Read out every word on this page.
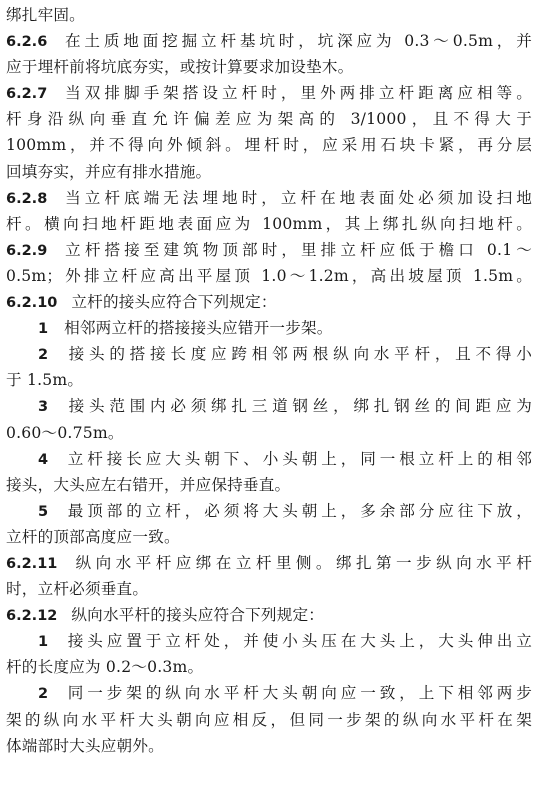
绑扎牢固。
6.2.6 在土质地面挖掘立杆基坑时，坑深应为 0.3～0.5m，并
应于埋杆前将坑底夯实，或按计算要求加设垫木。
6.2.7 当双排脚手架搭设立杆时，里外两排立杆距离应相等。
杆身沿纵向垂直允许偏差应为架高的 3/1000，且不得大于
100mm，并不得向外倾斜。埋杆时，应采用石块卡紧，再分层
回填夯实，并应有排水措施。
6.2.8 当立杆底端无法埋地时，立杆在地表面处必须加设扫地
杆。横向扫地杆距地表面应为 100mm，其上绑扎纵向扫地杆。
6.2.9 立杆搭接至建筑物顶部时，里排立杆应低于檐口 0.1～
0.5m；外排立杆应高出平屋顶 1.0～1.2m，高出坡屋顶 1.5m。
6.2.10 立杆的接头应符合下列规定：
1 相邻两立杆的搭接接头应错开一步架。
2 接头的搭接长度应跨相邻两根纵向水平杆，且不得小
于 1.5m。
3 接头范围内必须绑扎三道钢丝，绑扎钢丝的间距应为
0.60～0.75m。
4 立杆接长应大头朝下、小头朝上，同一根立杆上的相邻
接头，大头应左右错开，并应保持垂直。
5 最顶部的立杆，必须将大头朝上，多余部分应往下放，
立杆的顶部高度应一致。
6.2.11 纵向水平杆应绑在立杆里侧。绑扎第一步纵向水平杆
时，立杆必须垂直。
6.2.12 纵向水平杆的接头应符合下列规定：
1 接头应置于立杆处，并使小头压在大头上，大头伸出立
杆的长度应为 0.2～0.3m。
2 同一步架的纵向水平杆大头朝向应一致，上下相邻两步
架的纵向水平杆大头朝向应相反，但同一步架的纵向水平杆在架
体端部时大头应朝外。
